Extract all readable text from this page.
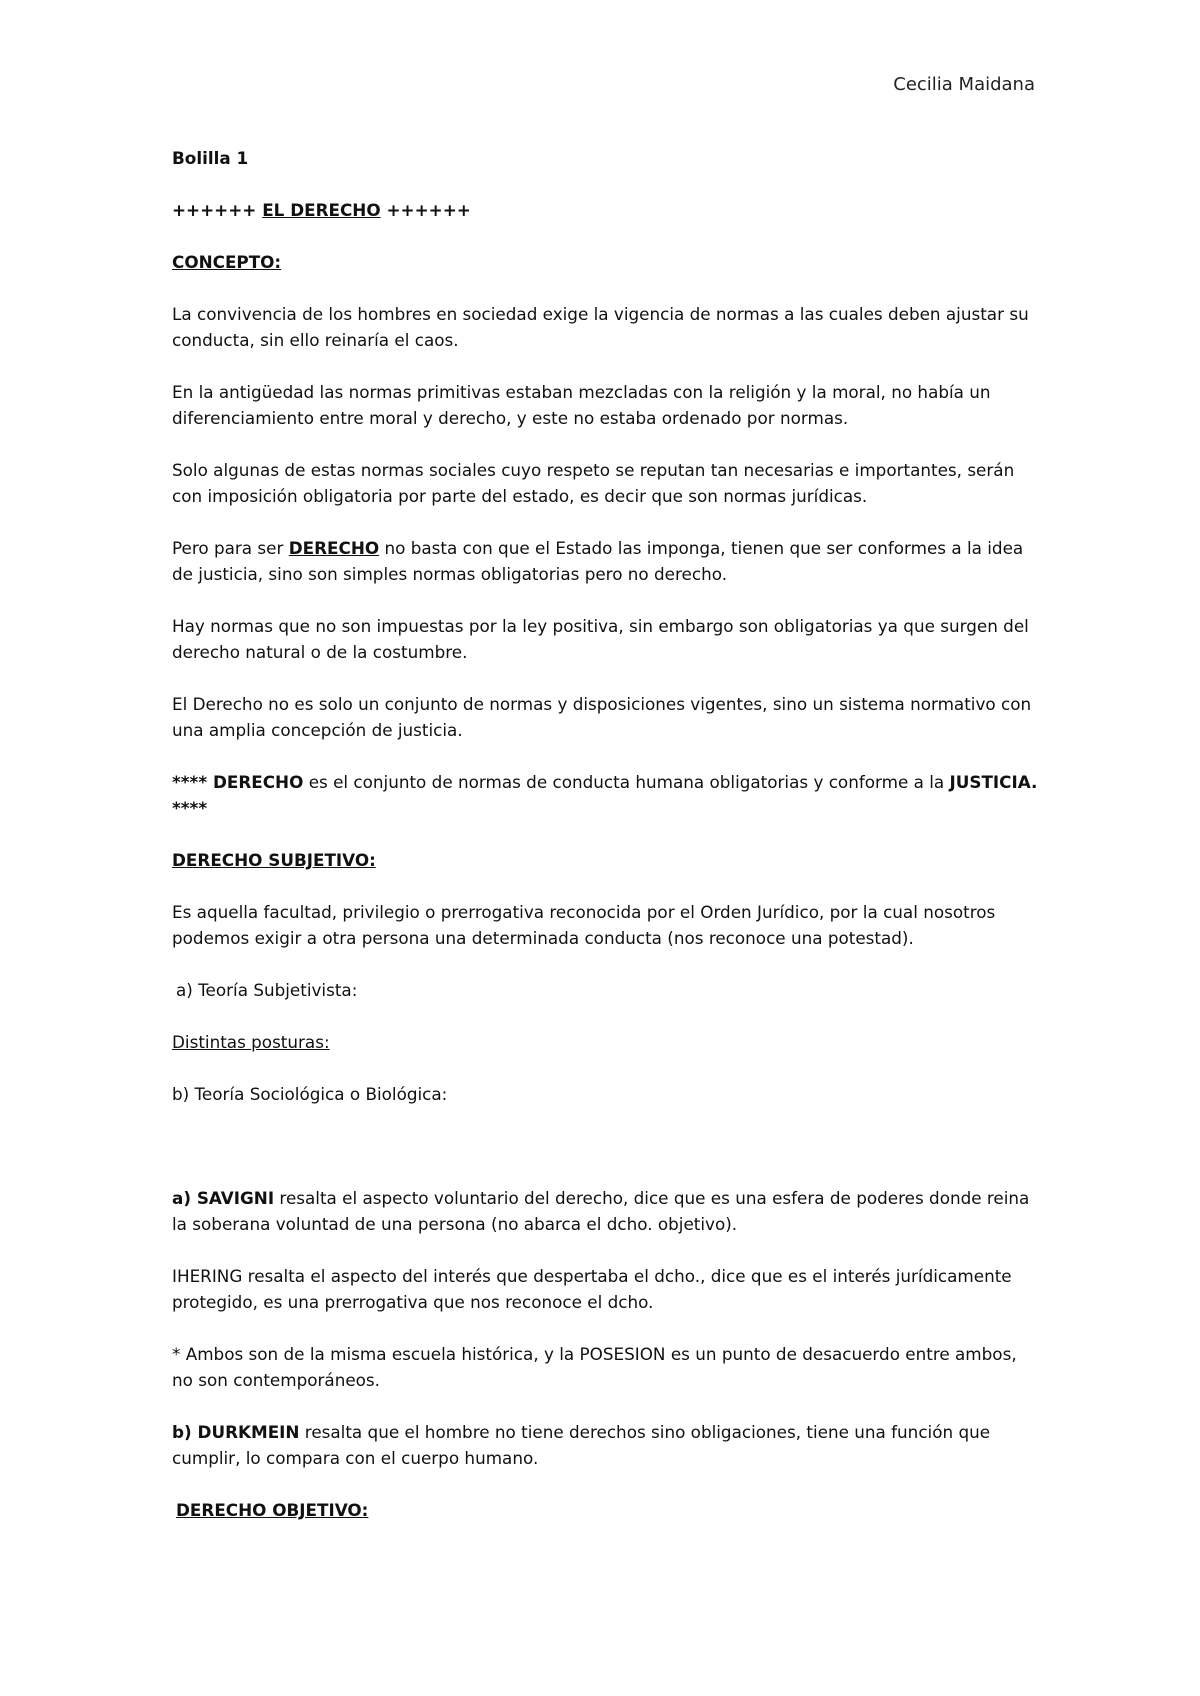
Cecilia Maidana

Bolilla 1

++++++ EL DERECHO ++++++

CONCEPTO:

La convivencia de los hombres en sociedad exige la vigencia de normas a las cuales deben ajustar su conducta, sin ello reinaría el caos.

En la antigüedad las normas primitivas estaban mezcladas con la religión y la moral, no había un diferenciamiento entre moral y derecho, y este no estaba ordenado por normas.

Solo algunas de estas normas sociales cuyo respeto se reputan tan necesarias e importantes, serán con imposición obligatoria por parte del estado, es decir que son normas jurídicas.

Pero para ser DERECHO no basta con que el Estado las imponga, tienen que ser conformes a la idea de justicia, sino son simples normas obligatorias pero no derecho.

Hay normas que no son impuestas por la ley positiva, sin embargo son obligatorias ya que surgen del derecho natural o de la costumbre.

El Derecho no es solo un conjunto de normas y disposiciones vigentes, sino un sistema normativo con una amplia concepción de justicia.

**** DERECHO es el conjunto de normas de conducta humana obligatorias y conforme a la JUSTICIA. ****

DERECHO SUBJETIVO:

Es aquella facultad, privilegio o prerrogativa reconocida por el Orden Jurídico, por la cual nosotros podemos exigir a otra persona una determinada conducta (nos reconoce una potestad).

a) Teoría Subjetivista:

Distintas posturas:

b) Teoría Sociológica o Biológica:

a) SAVIGNI resalta el aspecto voluntario del derecho, dice que es una esfera de poderes donde reina la soberana voluntad de una persona (no abarca el dcho. objetivo).

IHERING resalta el aspecto del interés que despertaba el dcho., dice que es el interés jurídicamente protegido, es una prerrogativa que nos reconoce el dcho.

* Ambos son de la misma escuela histórica, y la POSESION es un punto de desacuerdo entre ambos, no son contemporáneos.

b) DURKMEIN resalta que el hombre no tiene derechos sino obligaciones, tiene una función que cumplir, lo compara con el cuerpo humano.

DERECHO OBJETIVO:
